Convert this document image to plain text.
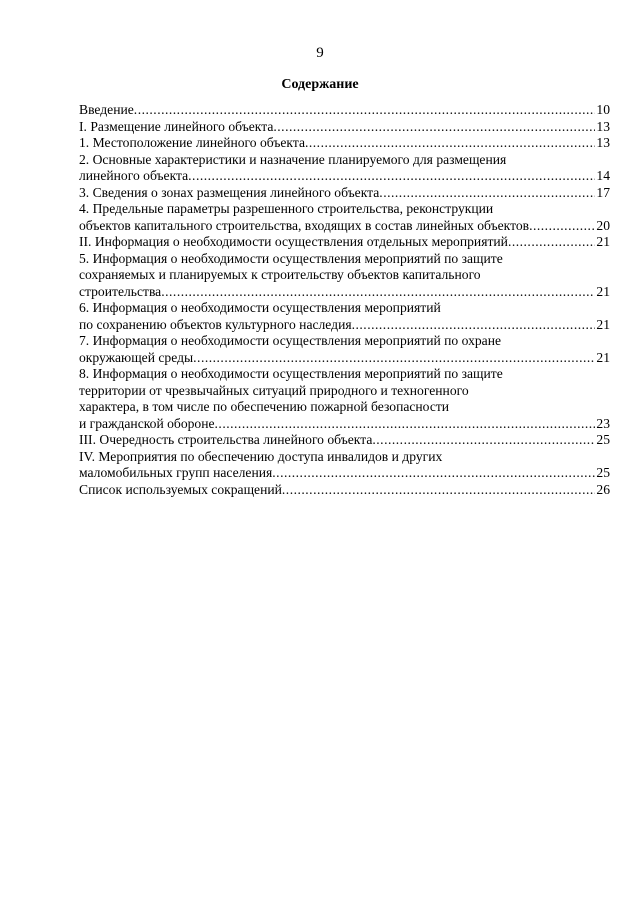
9
Содержание
Введение .....	10
I. Размещение линейного объекта .....	13
1. Местоположение линейного объекта .....	13
2. Основные характеристики и назначение планируемого для размещения
линейного объекта .....	14
3. Сведения о зонах размещения линейного объекта .....	17
4. Предельные параметры разрешенного строительства, реконструкции
объектов капитального строительства, входящих в состав линейных объектов .....	20
II. Информация о необходимости осуществления отдельных мероприятий .....	21
5. Информация о необходимости осуществления мероприятий по защите
сохраняемых и планируемых к строительству объектов капитального
строительства .....	21
6. Информация о необходимости осуществления мероприятий
по сохранению объектов культурного наследия .....	21
7. Информация о необходимости осуществления мероприятий по охране
окружающей среды .....	21
8. Информация о необходимости осуществления мероприятий по защите
территории от чрезвычайных ситуаций природного и техногенного
характера, в том числе по обеспечению пожарной безопасности
и гражданской обороне .....	23
III. Очередность строительства линейного объекта .....	25
IV. Мероприятия по обеспечению доступа инвалидов и других
маломобильных групп населения .....	25
Список используемых сокращений .....	26
